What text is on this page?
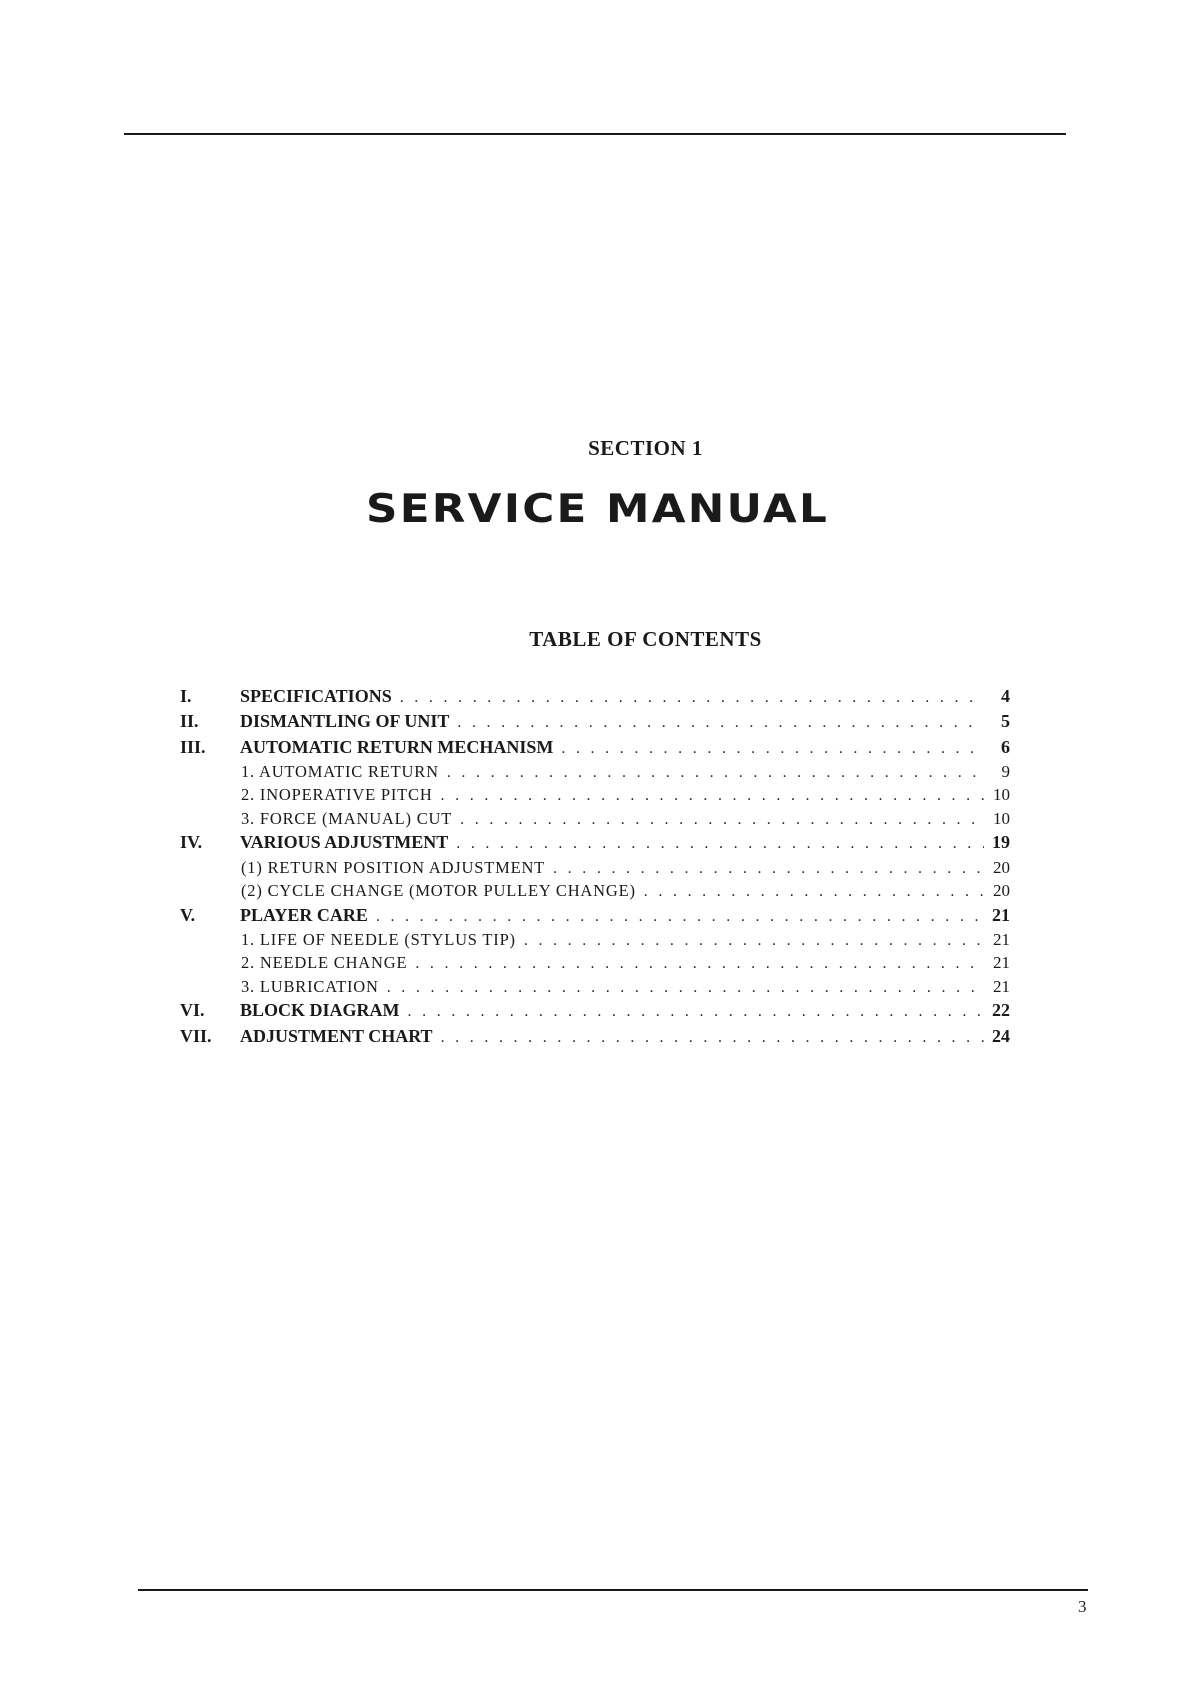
SECTION 1
SERVICE MANUAL
TABLE OF CONTENTS
I.	SPECIFICATIONS . . .	4
II. DISMANTLING OF UNIT . . .	5
III. AUTOMATIC RETURN MECHANISM . . .	6
1. AUTOMATIC RETURN . . .	9
2. INOPERATIVE PITCH . . .	10
3. FORCE (MANUAL) CUT . . .	10
IV. VARIOUS ADJUSTMENT . . .	19
(1) RETURN POSITION ADJUSTMENT . . .	20
(2) CYCLE CHANGE (MOTOR PULLEY CHANGE) . . .	20
V. PLAYER CARE . . .	21
1. LIFE OF NEEDLE (STYLUS TIP) . . .	21
2. NEEDLE CHANGE . . .	21
3. LUBRICATION . . .	21
VI. BLOCK DIAGRAM . . .	22
VII. ADJUSTMENT CHART . . .	24
3
